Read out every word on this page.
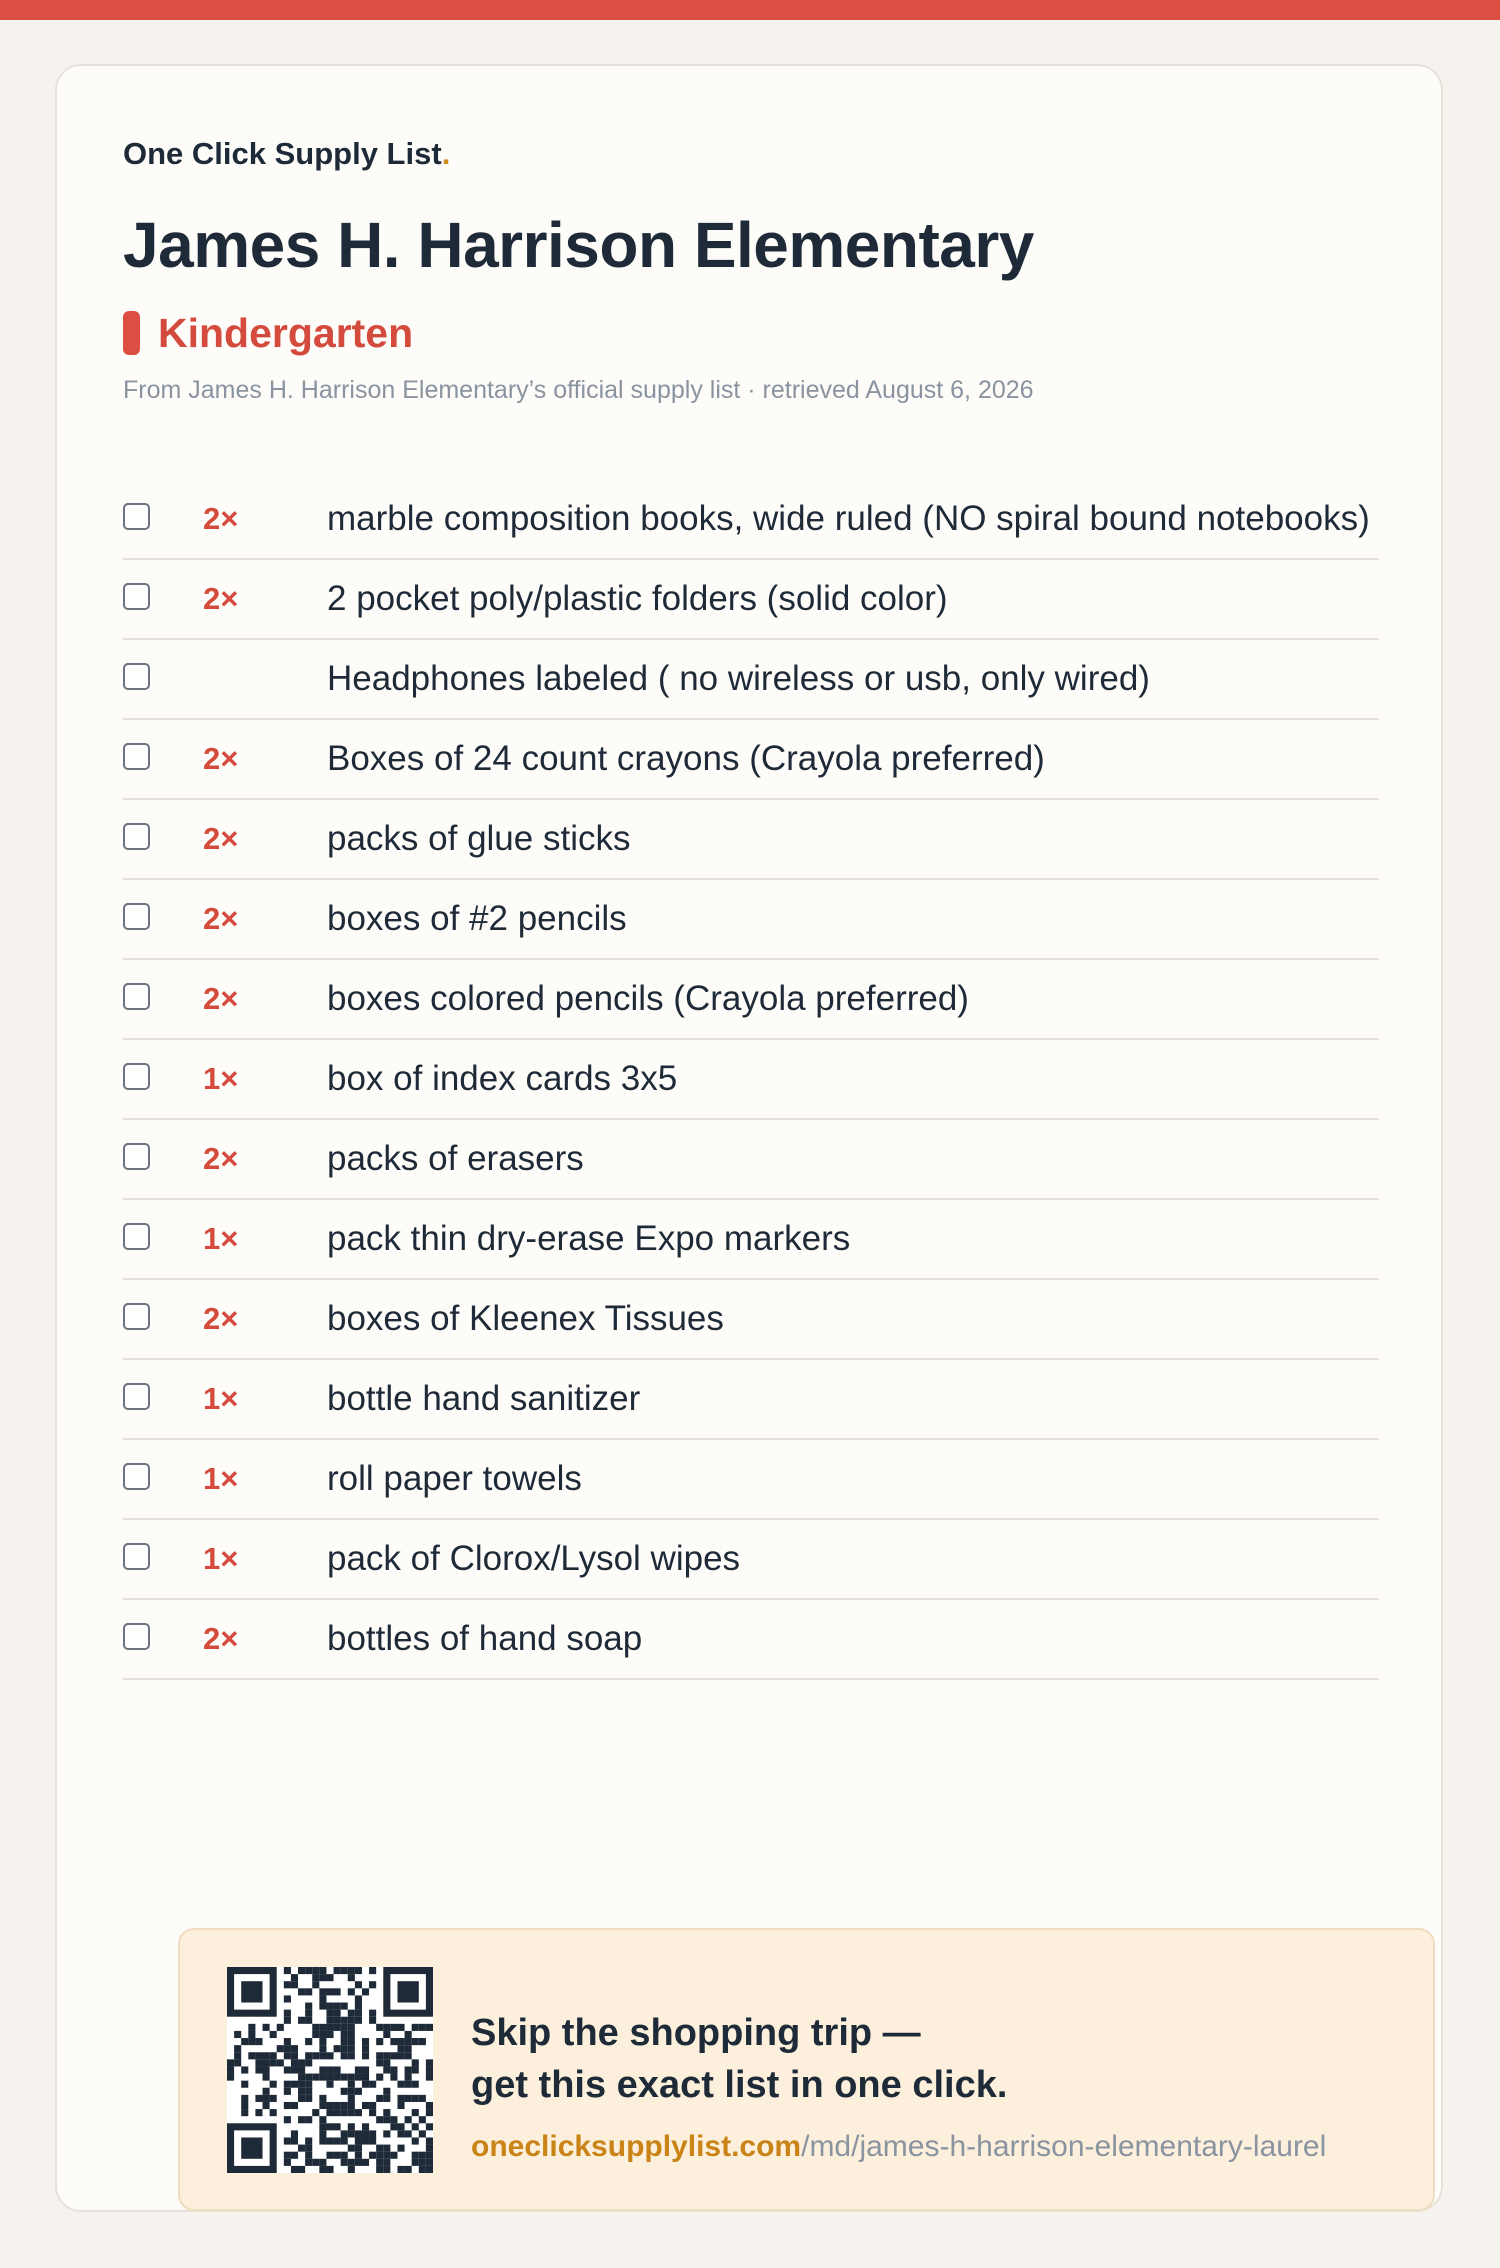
One Click Supply List.
James H. Harrison Elementary
Kindergarten
From James H. Harrison Elementary’s official supply list · retrieved August 6, 2026
2×	marble composition books, wide ruled (NO spiral bound notebooks)
2×	2 pocket poly/plastic folders (solid color)
Headphones labeled ( no wireless or usb, only wired)
2×	Boxes of 24 count crayons (Crayola preferred)
2×	packs of glue sticks
2×	boxes of #2 pencils
2×	boxes colored pencils (Crayola preferred)
1×	box of index cards 3x5
2×	packs of erasers
1×	pack thin dry-erase Expo markers
2×	boxes of Kleenex Tissues
1×	bottle hand sanitizer
1×	roll paper towels
1×	pack of Clorox/Lysol wipes
2×	bottles of hand soap
Skip the shopping trip —
get this exact list in one click.
oneclicksupplylist.com/md/james-h-harrison-elementary-laurel
